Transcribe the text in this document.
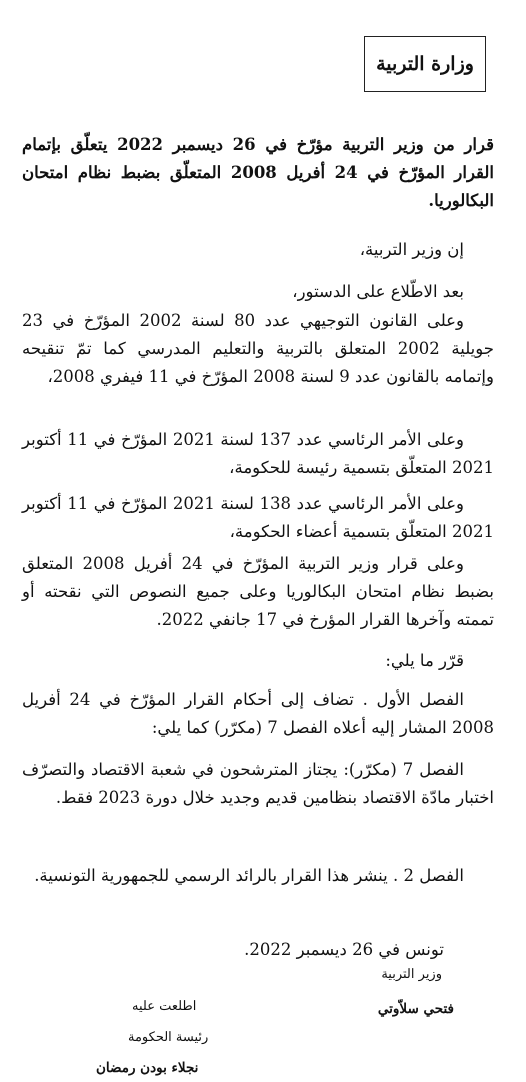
وزارة التربية
قرار من وزير التربية مؤرّخ في 26 ديسمبر 2022 يتعلّق بإتمام القرار المؤرّخ في 24 أفريل 2008 المتعلّق بضبط نظام امتحان البكالوريا.
إن وزير التربية،
بعد الاطّلاع على الدستور،
وعلى القانون التوجيهي عدد 80 لسنة 2002 المؤرّخ في 23 جويلية 2002 المتعلق بالتربية والتعليم المدرسي كما تمّ تنقيحه وإتمامه بالقانون عدد 9 لسنة 2008 المؤرّخ في 11 فيفري 2008،
وعلى الأمر الرئاسي عدد 137 لسنة 2021 المؤرّخ في 11 أكتوبر 2021 المتعلّق بتسمية رئيسة للحكومة،
وعلى الأمر الرئاسي عدد 138 لسنة 2021 المؤرّخ في 11 أكتوبر 2021 المتعلّق بتسمية أعضاء الحكومة،
وعلى قرار وزير التربية المؤرّخ في 24 أفريل 2008 المتعلق بضبط نظام امتحان البكالوريا وعلى جميع النصوص التي نقحته أو تممته وآخرها القرار المؤرخ في 17 جانفي 2022.
قرّر ما يلي:
الفصل الأول . تضاف إلى أحكام القرار المؤرّخ في 24 أفريل 2008 المشار إليه أعلاه الفصل 7 (مكرّر) كما يلي:
الفصل 7 (مكرّر): يجتاز المترشحون في شعبة الاقتصاد والتصرّف اختبار مادّة الاقتصاد بنظامين قديم وجديد خلال دورة 2023 فقط.
الفصل 2 . ينشر هذا القرار بالرائد الرسمي للجمهورية التونسية.
تونس في 26 ديسمبر 2022.
وزير التربية
فتحي سلاّوتي
اطلعت عليه
رئيسة الحكومة
نجلاء بودن رمضان
